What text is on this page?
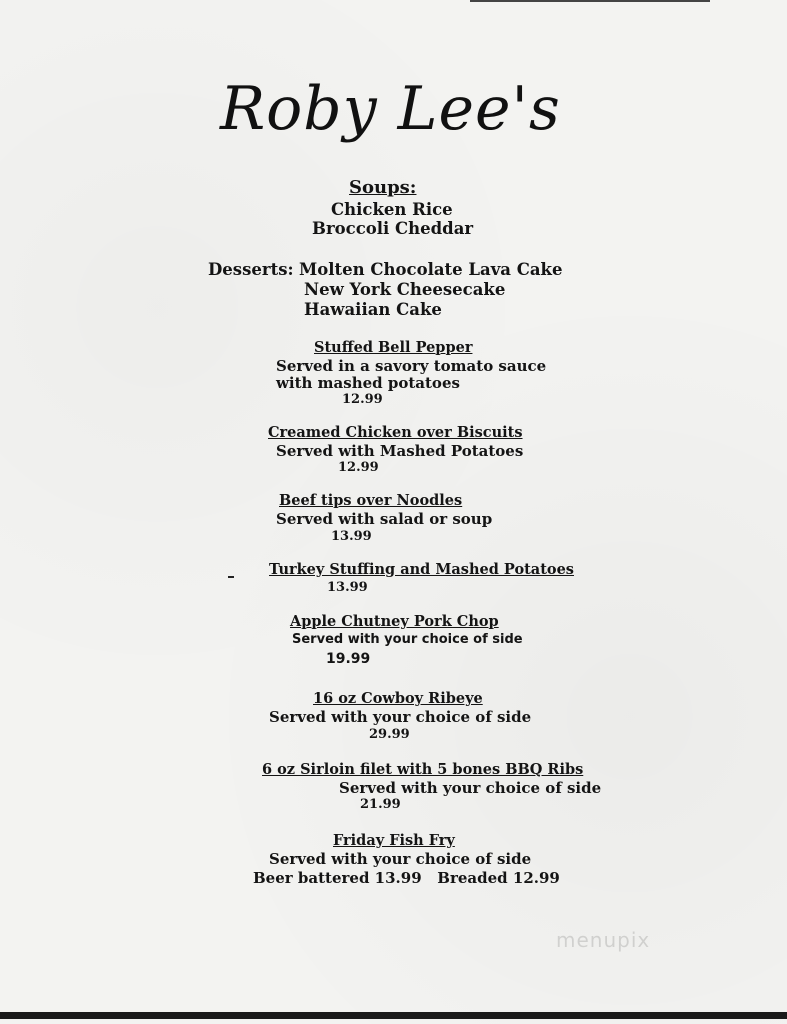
Roby Lee's
Soups:
Chicken Rice
Broccoli Cheddar
Desserts: Molten Chocolate Lava Cake
New York Cheesecake
Hawaiian Cake
Stuffed Bell Pepper
Served in a savory tomato sauce
with mashed potatoes
12.99
Creamed Chicken over Biscuits
Served with Mashed Potatoes
12.99
Beef tips over Noodles
Served with salad or soup
13.99
Turkey Stuffing and Mashed Potatoes
13.99
Apple Chutney Pork Chop
Served with your choice of side
19.99
16 oz Cowboy Ribeye
Served with your choice of side
29.99
6 oz Sirloin filet with 5 bones BBQ Ribs
Served with your choice of side
21.99
Friday Fish Fry
Served with your choice of side
Beer battered 13.99   Breaded 12.99
menupix
